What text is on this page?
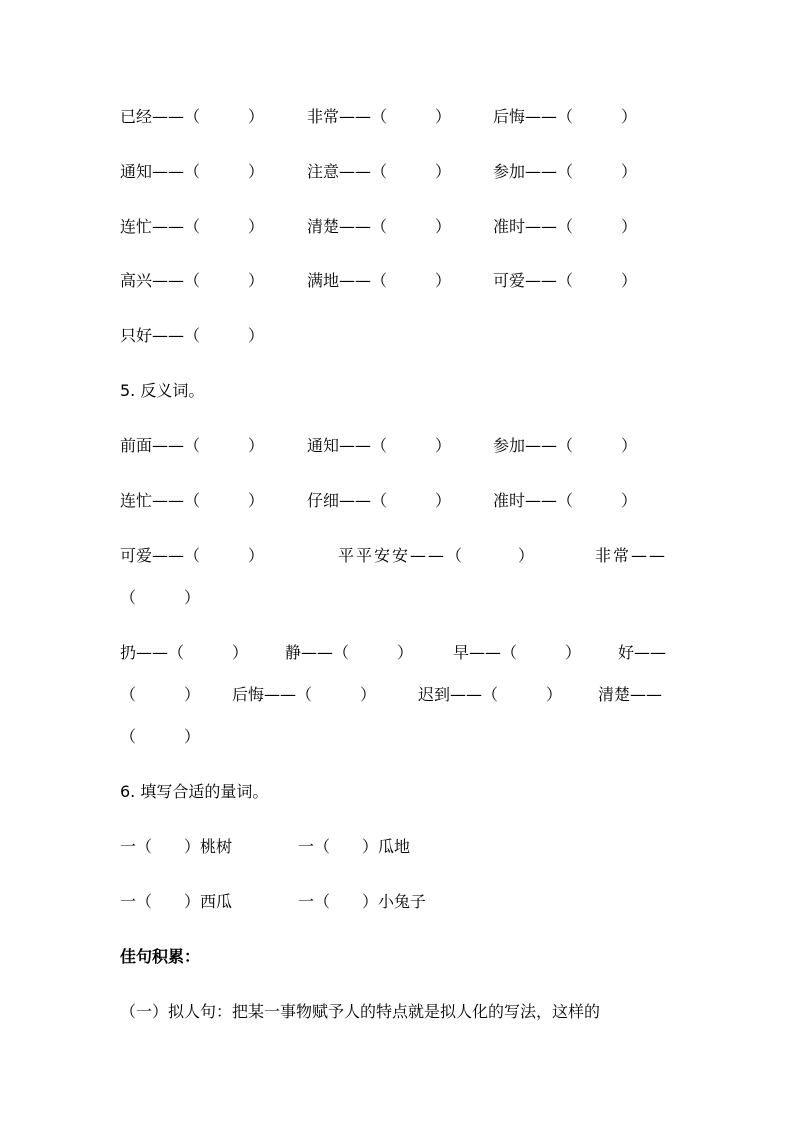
已经——（　　　）	非常——（　　　）	后悔——（　　　）
通知——（　　　）	注意——（　　　）	参加——（　　　）
连忙——（　　　）	清楚——（　　　）	准时——（　　　）
高兴——（　　　）	满地——（　　　）	可爱——（　　　）
只好——（　　　）
5. 反义词。
前面——（　　　）	通知——（　　　）	参加——（　　　）
连忙——（　　　）	仔细——（　　　）	准时——（　　　）
可爱——（　　　）	平平安安——（　　　）	非常——
（　　　）
扔——（　　　） 静——（　　　） 早——（　　　） 好——
（　　　） 后悔——（　　　）	迟到——（　　　） 清楚——
（　　　）
6. 填写合适的量词。
一（　　）桃树	一（　　）瓜地
一（　　）西瓜	一（　　）小兔子
佳句积累：
（一）拟人句：把某一事物赋予人的特点就是拟人化的写法，这样的
